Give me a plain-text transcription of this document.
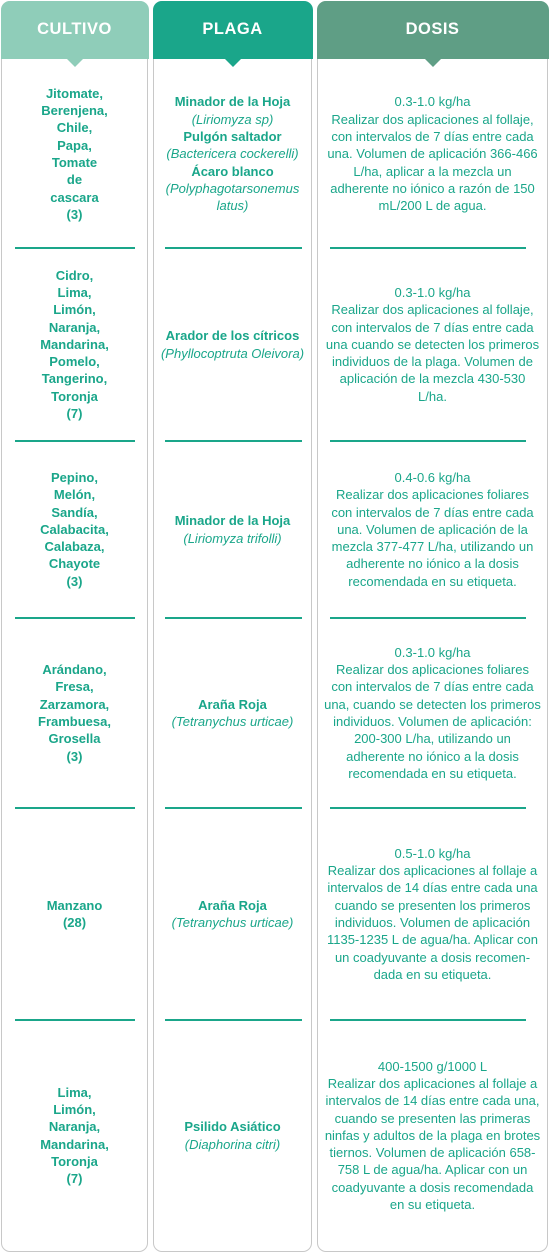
CULTIVO
Jitomate,
Berenjena,
Chile,
Papa,
Tomate
de
cascara
(3)
Cidro,
Lima,
Limón,
Naranja,
Mandarina,
Pomelo,
Tangerino,
Toronja
(7)
Pepino,
Melón,
Sandía,
Calabacita,
Calabaza,
Chayote
(3)
Arándano,
Fresa,
Zarzamora,
Frambuesa,
Grosella
(3)
Manzano
(28)
Lima,
Limón,
Naranja,
Mandarina,
Toronja
(7)
PLAGA
Minador de la Hoja
(Liriomyza sp)
Pulgón saltador
(Bactericera cockerelli)
Ácaro blanco
(Polyphagotarsonemus latus)
Arador de los cítricos
(Phyllocoptruta Oleivora)
Minador de la Hoja
(Liriomyza trifolli)
Araña Roja
(Tetranychus urticae)
Araña Roja
(Tetranychus urticae)
Psilido Asiático
(Diaphorina citri)
DOSIS
0.3-1.0 kg/ha
Realizar dos aplicaciones al follaje, con intervalos de 7 días entre cada una. Volumen de aplicación 366-466 L/ha, aplicar a la mezcla un adherente no iónico a razón de 150 mL/200 L de agua.
0.3-1.0 kg/ha
Realizar dos aplicaciones al follaje, con intervalos de 7 días entre cada una cuando se detecten los primeros individuos de la plaga. Volumen de aplicación de la mezcla 430-530 L/ha.
0.4-0.6 kg/ha
Realizar dos aplicaciones foliares con intervalos de 7 días entre cada una. Volumen de aplicación de la mezcla 377-477 L/ha, utilizando un adherente no iónico a la dosis recomendada en su etiqueta.
0.3-1.0 kg/ha
Realizar dos aplicaciones foliares con intervalos de 7 días entre cada una, cuando se detecten los primeros individuos. Volumen de aplicación: 200-300 L/ha, utilizando un adherente no iónico a la dosis recomendada en su etiqueta.
0.5-1.0 kg/ha
Realizar dos aplicaciones al follaje a intervalos de 14 días entre cada una cuando se presenten los primeros individuos. Volumen de aplicación 1135-1235 L de agua/ha. Aplicar con un coadyuvante a dosis recomen-dada en su etiqueta.
400-1500 g/1000 L
Realizar dos aplicaciones al follaje a intervalos de 14 días entre cada una, cuando se presenten las primeras ninfas y adultos de la plaga en brotes tiernos. Volumen de aplicación 658-758 L de agua/ha. Aplicar con un coadyuvante a dosis recomendada en su etiqueta.
